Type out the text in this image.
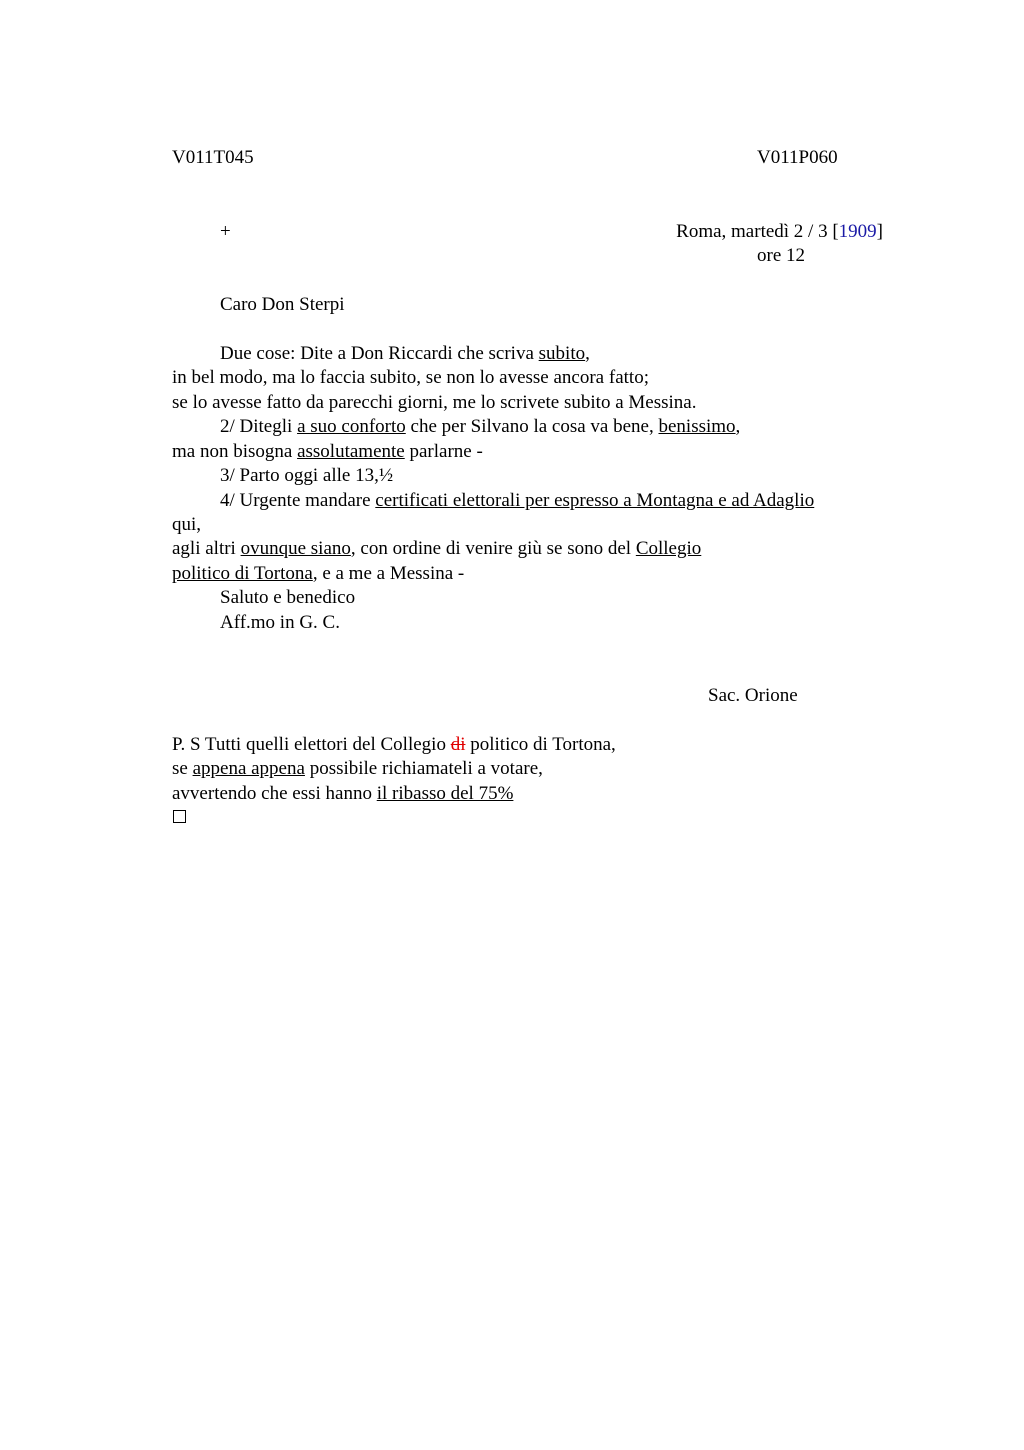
V011T045	V011P060
+	Roma, martedì 2 / 3 [1909]
ore 12
Caro Don Sterpi
Due cose: Dite a Don Riccardi che scriva subito,
in bel modo, ma lo faccia subito, se non lo avesse ancora fatto;
se lo avesse fatto da parecchi giorni, me lo scrivete subito a Messina.
2/ Ditegli a suo conforto che per Silvano la cosa va bene, benissimo,
ma non bisogna assolutamente parlarne -
3/ Parto oggi alle 13,½
4/ Urgente mandare certificati elettorali per espresso a Montagna e ad Adaglio
qui,
agli altri ovunque siano, con ordine di venire giù se sono del Collegio
politico di Tortona, e a me a Messina -
Saluto e benedico
Aff.mo in G. C.
Sac. Orione
P. S Tutti quelli elettori del Collegio di politico di Tortona,
se appena appena possibile richiamateli a votare,
avvertendo che essi hanno il ribasso del 75%
